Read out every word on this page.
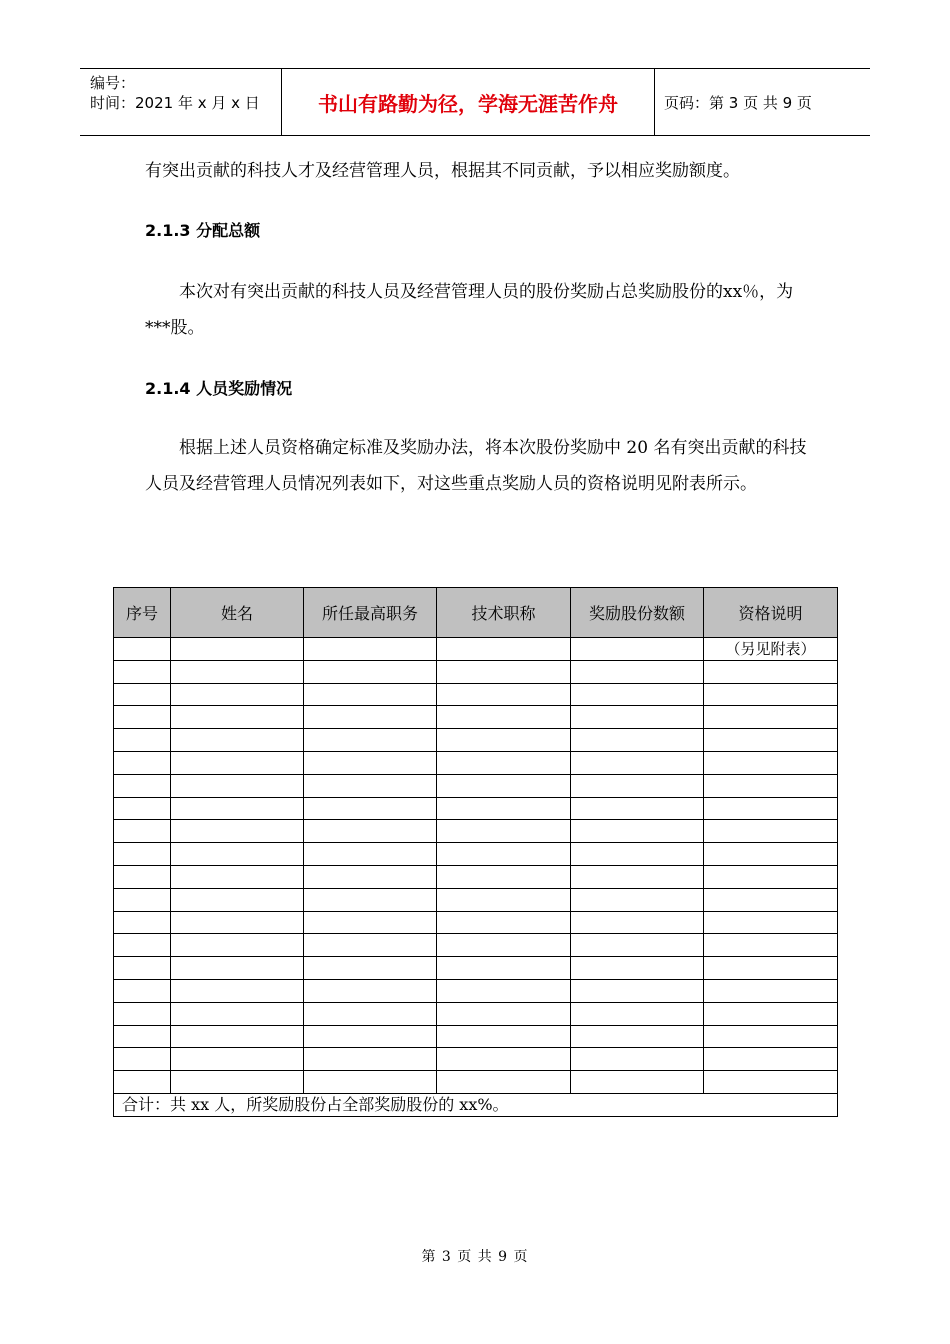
编号：
时间：2021 年 x 月 x 日	书山有路勤为径，学海无涯苦作舟	页码：第 3 页 共 9 页
有突出贡献的科技人才及经营管理人员，根据其不同贡献，予以相应奖励额度。
2.1.3 分配总额
本次对有突出贡献的科技人员及经营管理人员的股份奖励占总奖励股份的xx％，为***股。
2.1.4 人员奖励情况
根据上述人员资格确定标准及奖励办法，将本次股份奖励中 20 名有突出贡献的科技人员及经营管理人员情况列表如下，对这些重点奖励人员的资格说明见附表所示。
序号	姓名	所任最高职务	技术职称	奖励股份数额	资格说明
					（另见附表）

合计：共 xx 人，所奖励股份占全部奖励股份的 xx%。					
第 3 页 共 9 页
